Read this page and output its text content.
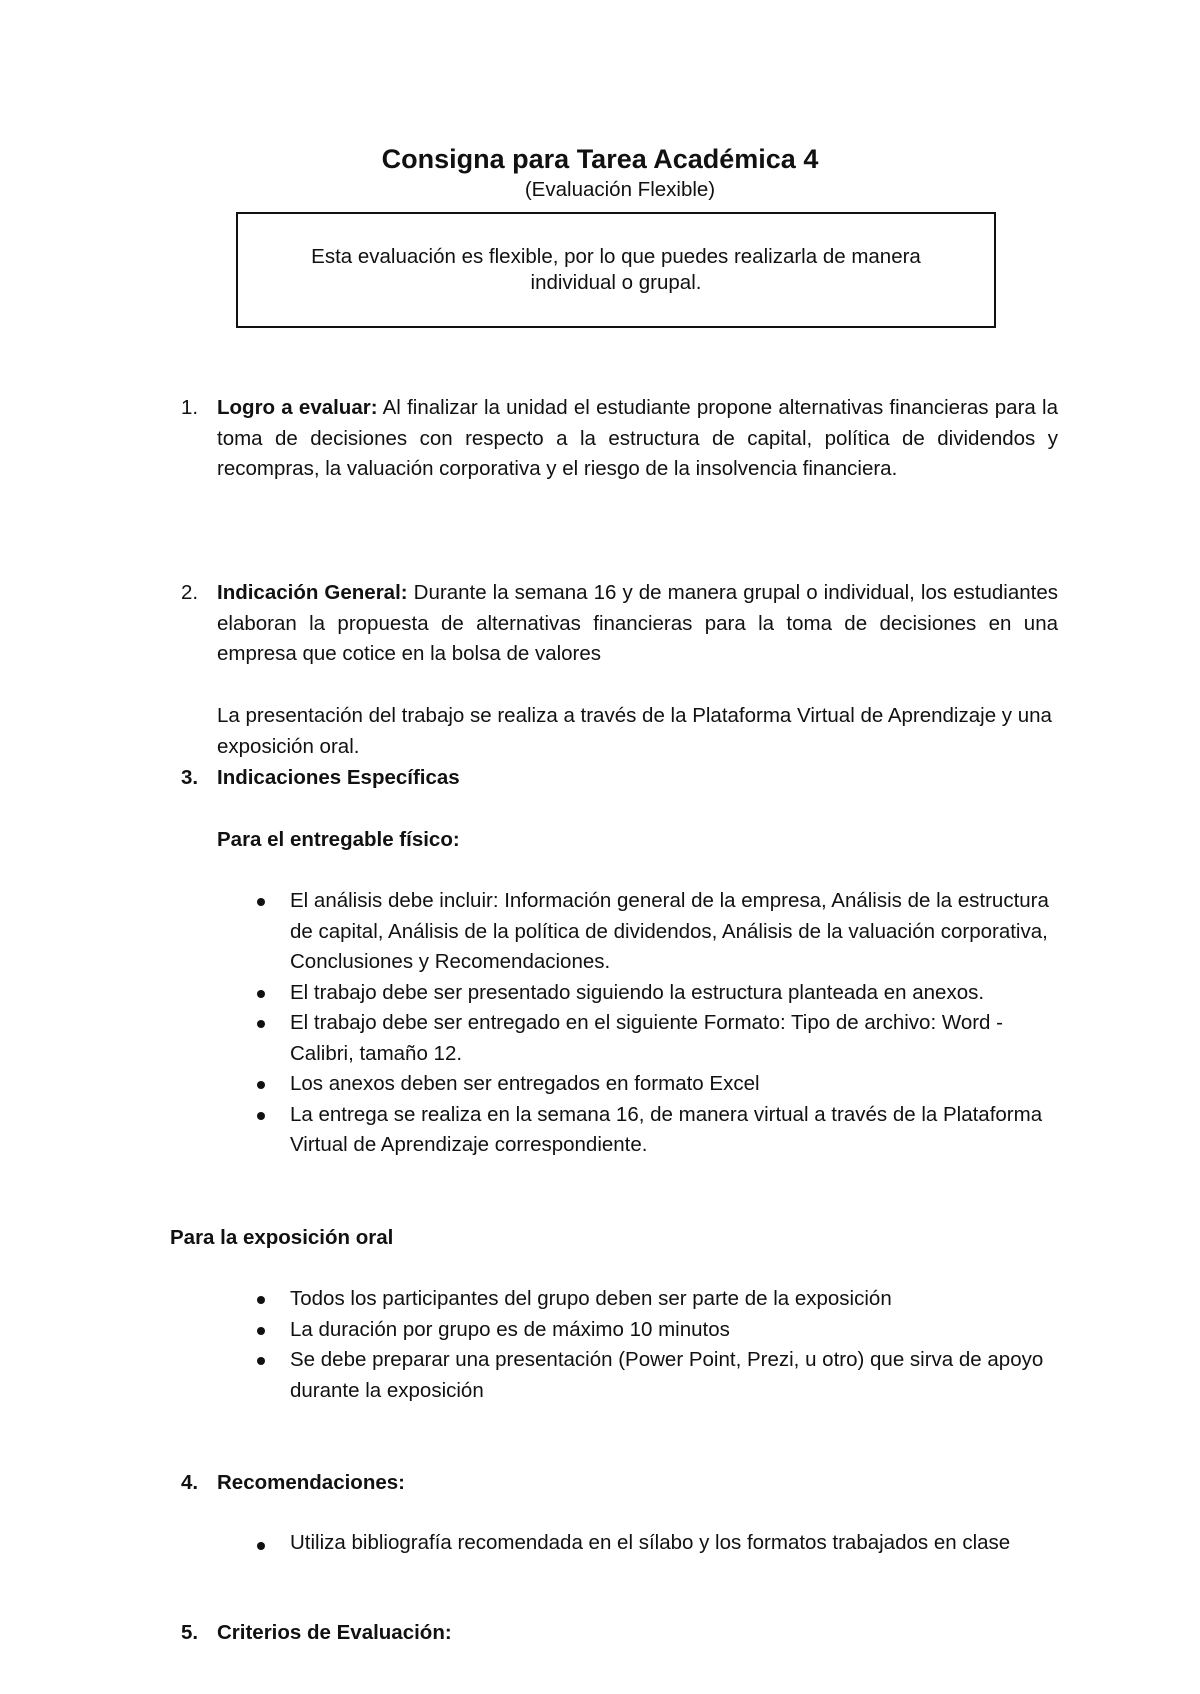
Consigna para Tarea Académica 4
(Evaluación Flexible)
Esta evaluación es flexible, por lo que puedes realizarla de manera individual o grupal.
1. Logro a evaluar: Al finalizar la unidad el estudiante propone alternativas financieras para la toma de decisiones con respecto a la estructura de capital, política de dividendos y recompras, la valuación corporativa y el riesgo de la insolvencia financiera.
2. Indicación General: Durante la semana 16 y de manera grupal o individual, los estudiantes elaboran la propuesta de alternativas financieras para la toma de decisiones en una empresa que cotice en la bolsa de valores
La presentación del trabajo se realiza a través de la Plataforma Virtual de Aprendizaje y una exposición oral.
3. Indicaciones Específicas
Para el entregable físico:
El análisis debe incluir: Información general de la empresa, Análisis de la estructura de capital, Análisis de la política de dividendos, Análisis de la valuación corporativa, Conclusiones y Recomendaciones.
El trabajo debe ser presentado siguiendo la estructura planteada en anexos.
El trabajo debe ser entregado en el siguiente Formato: Tipo de archivo: Word - Calibri, tamaño 12.
Los anexos deben ser entregados en formato Excel
La entrega se realiza en la semana 16, de manera virtual a través de la Plataforma Virtual de Aprendizaje correspondiente.
Para la exposición oral
Todos los participantes del grupo deben ser parte de la exposición
La duración por grupo es de máximo 10 minutos
Se debe preparar una presentación (Power Point, Prezi, u otro) que sirva de apoyo durante la exposición
4. Recomendaciones:
Utiliza bibliografía recomendada en el sílabo y los formatos trabajados en clase
5. Criterios de Evaluación:
